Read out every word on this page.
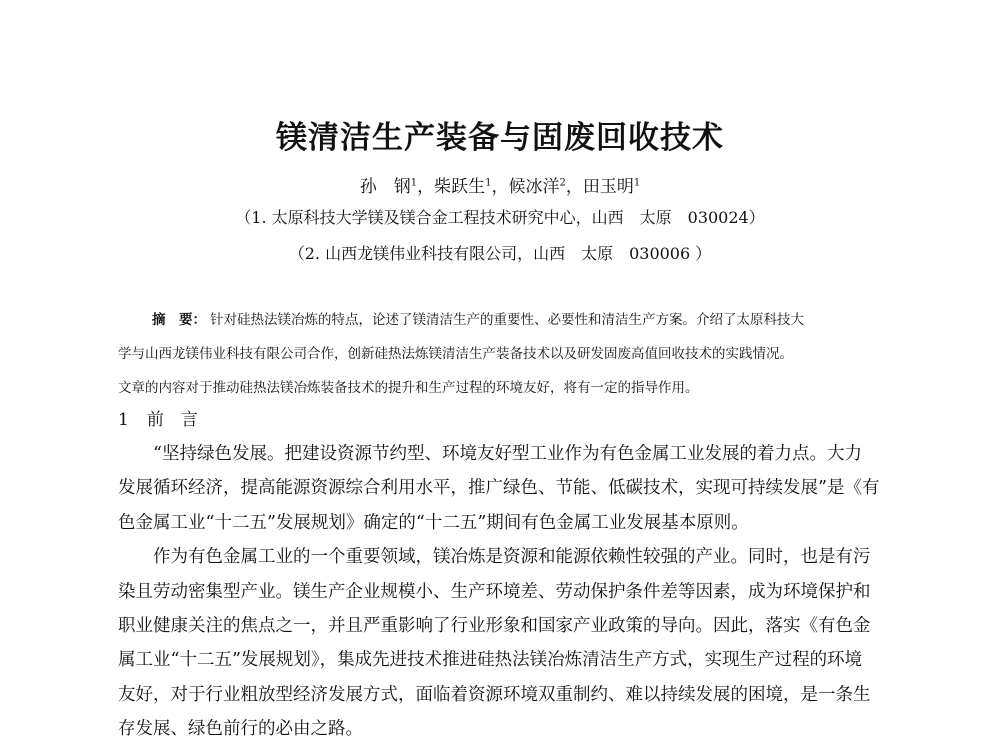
镁清洁生产装备与固废回收技术
孙　钢$^1$，柴跃生$^1$，候冰洋$^2$，田玉明$^1$
（1. 太原科技大学镁及镁合金工程技术研究中心，山西　太原　030024）
（2. 山西龙镁伟业科技有限公司，山西　太原　030006 ）
摘　要： 针对硅热法镁冶炼的特点，论述了镁清洁生产的重要性、必要性和清洁生产方案。介绍了太原科技大
学与山西龙镁伟业科技有限公司合作，创新硅热法炼镁清洁生产装备技术以及研发固废高值回收技术的实践情况。
文章的内容对于推动硅热法镁冶炼装备技术的提升和生产过程的环境友好，将有一定的指导作用。
1 前　言
“坚持绿色发展。把建设资源节约型、环境友好型工业作为有色金属工业发展的着力点。大力
发展循环经济，提高能源资源综合利用水平，推广绿色、节能、低碳技术，实现可持续发展”是《有
色金属工业“十二五”发展规划》确定的“十二五”期间有色金属工业发展基本原则。
作为有色金属工业的一个重要领域，镁冶炼是资源和能源依赖性较强的产业。同时，也是有污
染且劳动密集型产业。镁生产企业规模小、生产环境差、劳动保护条件差等因素，成为环境保护和
职业健康关注的焦点之一，并且严重影响了行业形象和国家产业政策的导向。因此，落实《有色金
属工业“十二五”发展规划》，集成先进技术推进硅热法镁冶炼清洁生产方式，实现生产过程的环境
友好，对于行业粗放型经济发展方式，面临着资源环境双重制约、难以持续发展的困境，是一条生
存发展、绿色前行的必由之路。
